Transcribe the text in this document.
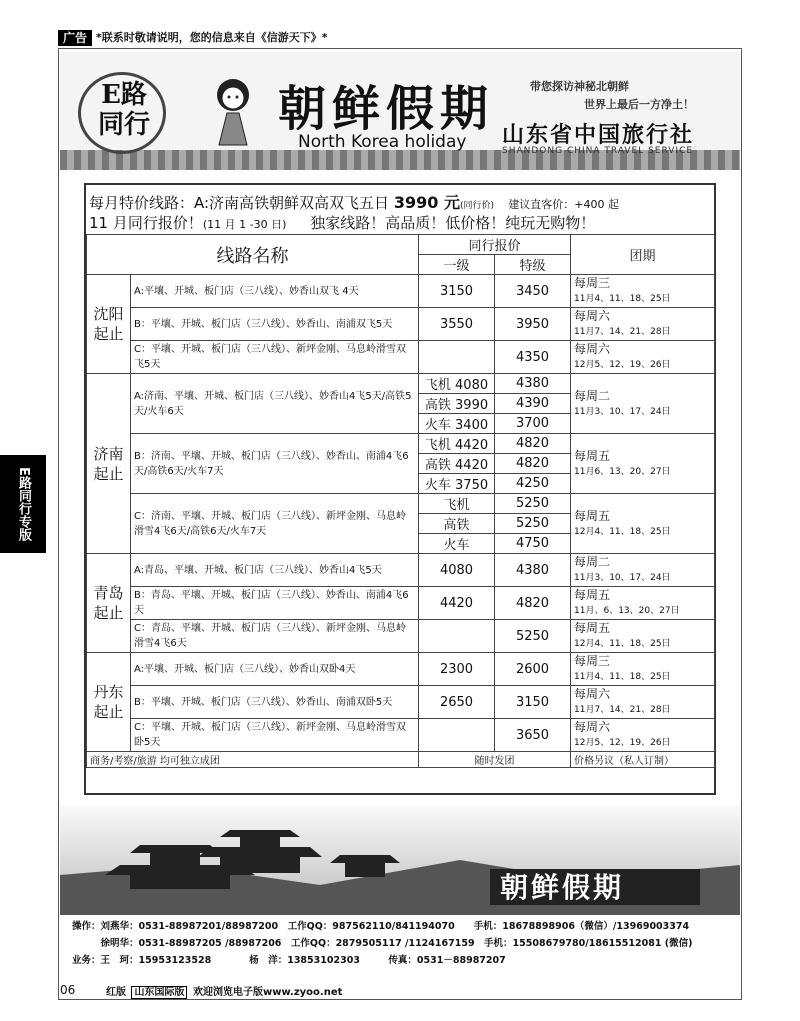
广告 *联系时敬请说明，您的信息来自《信游天下》*
E路同行	朝鲜假期
North Korea holiday
带您探访神秘北朝鲜
世界上最后一方净土！
山东省中国旅行社
SHANDONG CHINA TRAVEL SERVICE
E路同行专版
每月特价线路：A:济南高铁朝鲜双高双飞五日 3990 元(同行价) 建议直客价：+400 起
11 月同行报价！(11 月 1 -30 日) 独家线路！高品质！低价格！纯玩无购物！
线路名称		同行报价		团期
		一级	特级	
沈阳
起止	A:平壤、开城、板门店（三八线）、妙香山双飞 4天	3150	3450	每周三
11月4、11、18、25日

	B：平壤、开城、板门店（三八线）、妙香山、南浦双飞5天	3550	3950	每周六
11月7、14、21、28日

	C：平壤、开城、板门店（三八线）、新坪金刚、马息岭滑雪双飞5天		4350	每周六
12月5、12、19、26日

济南
起止	A:济南、平壤、开城、板门店（三八线）、妙香山4飞5天/高铁5天/火车6天	飞机 4080	4380	每周二
11月3、10、17、24日

		高铁 3990	4390	
		火车 3400	3700	
	B：济南、平壤、开城、板门店（三八线）、妙香山、南浦4飞6天/高铁6天/火车7天	飞机 4420	4820	每周五
11月6、13、20、27日

		高铁 4420	4820	
		火车 3750	4250	
	C：济南、平壤、开城、板门店（三八线）、新坪金刚、马息岭滑雪4飞6天/高铁6天/火车7天	飞机	5250	每周五
12月4、11、18、25日

		高铁	5250	
		火车	4750	
青岛
起止	A:青岛、平壤、开城、板门店（三八线）、妙香山4飞5天	4080	4380	每周二
11月3、10、17、24日

	B：青岛、平壤、开城、板门店（三八线）、妙香山、南浦4飞6天	4420	4820	每周五
11月、6、13、20、27日

	C：青岛、平壤、开城、板门店（三八线）、新坪金刚、马息岭滑雪4飞6天		5250	每周五
12月4、11、18、25日

丹东
起止	A:平壤、开城、板门店（三八线）、妙香山双卧4天	2300	2600	每周三
11月4、11、18、25日

	B：平壤、开城、板门店（三八线）、妙香山、南浦双卧5天	2650	3150	每周六
11月7、14、21、28日

	C：平壤、开城、板门店（三八线）、新坪金刚、马息岭滑雪双卧5天		3650	每周六
12月5、12、19、26日

商务/考察/旅游 均可独立成团		随时发团		价格另议（私人订制）
朝鲜假期
操作：刘燕华：0531-88987201/88987200　工作QQ：987562110/841194070　　手机：18678898906（微信）/13969003374
　　　徐明华：0531-88987205 /88987206　工作QQ：2879505117 /1124167159　手机：15508679780/18615512081 (微信)
业务：王　珂：15953123528　　　　杨　洋：13853102303　　　传真：0531－88987207
06	红版 山东国际版 欢迎浏览电子版www.zyoo.net
